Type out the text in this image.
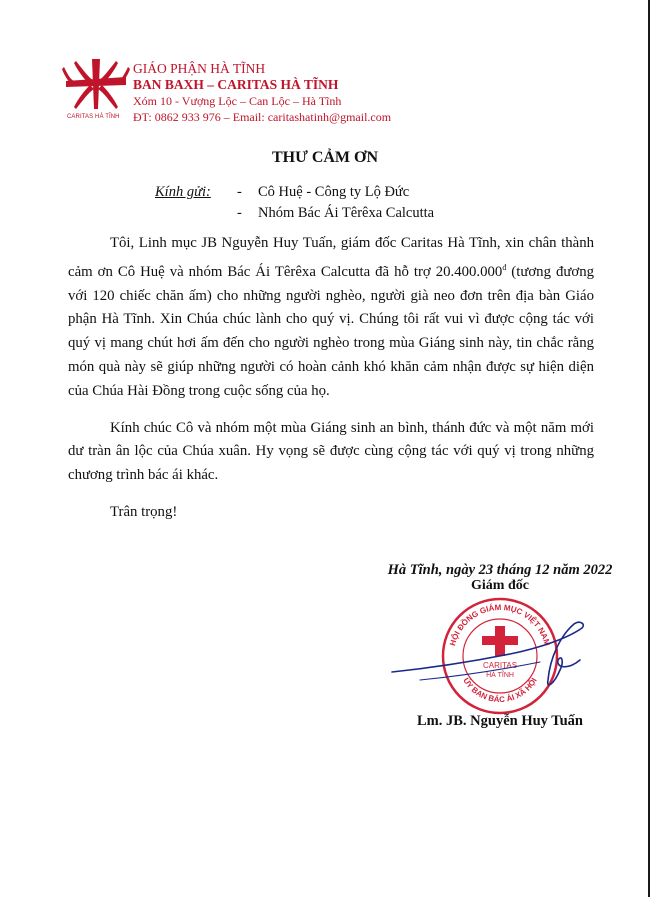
CARITAS HÀ TĨNH
GIÁO PHẬN HÀ TĨNH
BAN BAXH – CARITAS HÀ TĨNH
Xóm 10 - Vượng Lộc – Can Lộc – Hà Tĩnh
ĐT: 0862 933 976 – Email: caritashatinh@gmail.com
THƯ CẢM ƠN
Kính gửi: - Cô Huệ - Công ty Lộ Đức
- Nhóm Bác Ái Têrêxa Calcutta

Tôi, Linh mục JB Nguyễn Huy Tuấn, giám đốc Caritas Hà Tĩnh, xin chân thành cảm ơn Cô Huệ và nhóm Bác Ái Têrêxa Calcutta đã hỗ trợ $20.400.000^đ$ (tương đương với 120 chiếc chăn ấm) cho những người nghèo, người già neo đơn trên địa bàn Giáo phận Hà Tĩnh. Xin Chúa chúc lành cho quý vị. Chúng tôi rất vui vì được cộng tác với quý vị mang chút hơi ấm đến cho người nghèo trong mùa Giáng sinh này, tin chắc rằng món quà này sẽ giúp những người có hoàn cảnh khó khăn cảm nhận được sự hiện diện của Chúa Hài Đồng trong cuộc sống của họ.

Kính chúc Cô và nhóm một mùa Giáng sinh an bình, thánh đức và một năm mới dư tràn ân lộc của Chúa xuân. Hy vọng sẽ được cùng cộng tác với quý vị trong những chương trình bác ái khác.

Trân trọng!

Hà Tĩnh, ngày 23 tháng 12 năm 2022
Giám đốc
HỘI ĐỒNG GIÁM MỤC VIỆT NAM
ỦY BAN BÁC ÁI XÃ HỘI
CARITAS
HÀ TĨNH
Lm. JB. Nguyễn Huy Tuấn
